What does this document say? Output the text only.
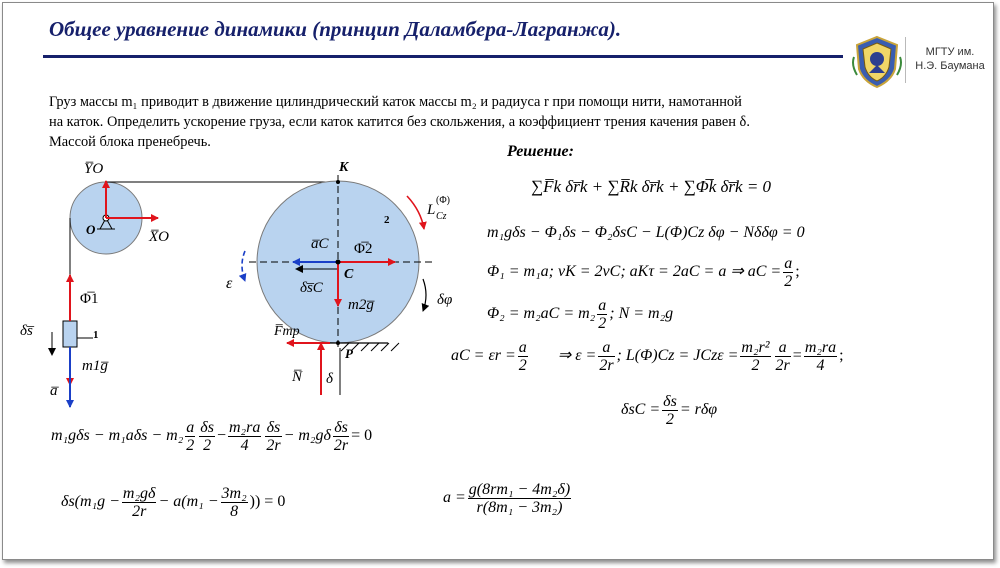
Общее уравнение динамики (принцип Даламбера-Лагранжа).
МГТУ им.
Н.Э. Баумана
Груз массы m₁ приводит в движение цилиндрический каток массы m₂ и радиуса r при помощи нити, намотанной
на каток. Определить ускорение груза, если каток катится без скольжения, а коэффициент трения качения равен δ.
Массой блока пренебречь.
Y̅O
X̅O
O
1
Φ̅1
δs̅
m1g̅
a̅
K
2
L
(Φ)
Cz
a̅C Φ̅2
C
δs̅C
m2g̅
ε
δφ
P
F̅тр
N̅ δ
Решение:
∑F̅k δr̅k + ∑R̅k δr̅k + ∑Φ̅k δr̅k = 0
m₁gδs − Φ₁δs − Φ₂δsC − L(Φ)Cz δφ − Nδδφ = 0
Φ₁ = m₁a; vK = 2vC; aKτ = 2aC = a ⇒ aC = $\frac{a}{2}$ ;
$\Phi_2 = m_2aC = m_2 \frac{a}{2}$ ; N = m₂g
aC = $\varepsilon r = \frac{a}{2}$ ⇒ $\varepsilon = \frac{a}{2r}$ ; $L(\Phi)Cz = JCz\varepsilon = \frac{\text{m₂r²}}{2} \frac{a}{2r} = \frac{\text{m₂ra}}{4}$ ;
$\delta sC = \frac{\delta s}{2} = r\delta\varphi$
$m_1g\delta s - m_1a\delta s - m_2 \frac{a}{2} \frac{\delta s}{2} - \frac{\text{m₂ra}}{4} \frac{\delta s}{2r} - m_2g\delta \frac{\delta s}{2r} = 0$
$\delta s(m_1g - \frac{\text{m₂gδ}}{2r} - a(m_1 - \frac{\text{3m₂}}{8}$ )) = 0	$a = \frac{\text{g(8rm₁ − 4m₂δ)}}{\text{r(8m₁ − 3m₂)}}$
